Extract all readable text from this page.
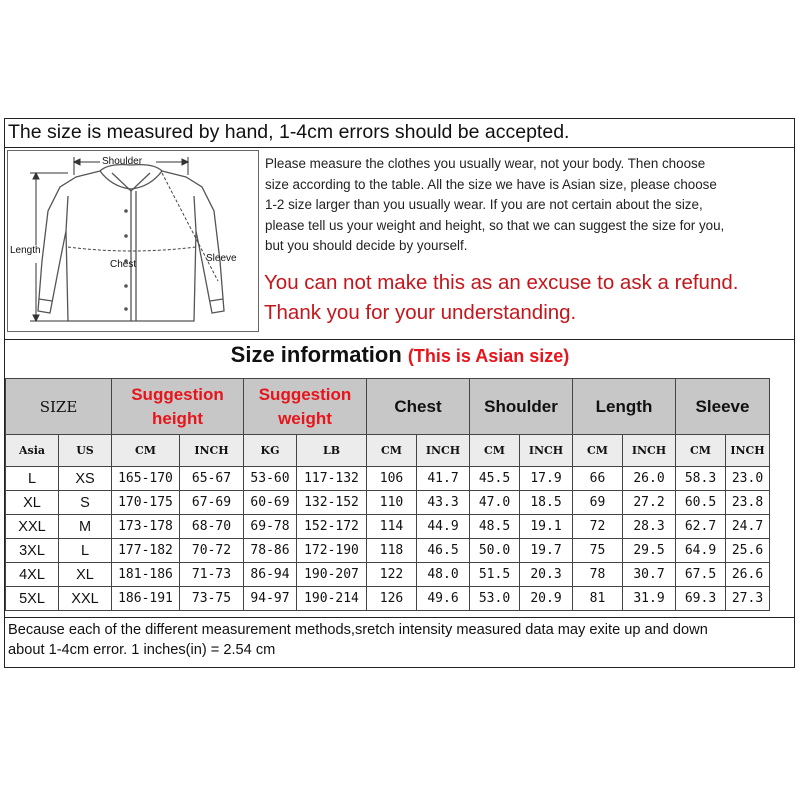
The size is measured by hand, 1-4cm errors should be accepted.
Shoulder
Chest
Length
Sleeve
Please measure the clothes you usually wear, not your body. Then choose
size according to the table. All the size we have is Asian size, please choose
1-2 size larger than you usually wear. If you are not certain about the size,
please tell us your weight and height, so that we can suggest the size for you,
but you should decide by yourself.
You can not make this as an excuse to ask a refund.
Thank you for your understanding.
Size information (This is Asian size)
SIZE		Suggestion height		Suggestion weight		Chest		Shoulder		Length		Sleeve	
Asia	US	CM	INCH	KG	LB	CM	INCH	CM	INCH	CM	INCH	CM	INCH
L	XS	165-170	65-67	53-60	117-132	106	41.7	45.5	17.9	66	26.0	58.3	23.0
XL	S	170-175	67-69	60-69	132-152	110	43.3	47.0	18.5	69	27.2	60.5	23.8
XXL	M	173-178	68-70	69-78	152-172	114	44.9	48.5	19.1	72	28.3	62.7	24.7
3XL	L	177-182	70-72	78-86	172-190	118	46.5	50.0	19.7	75	29.5	64.9	25.6
4XL	XL	181-186	71-73	86-94	190-207	122	48.0	51.5	20.3	78	30.7	67.5	26.6
5XL	XXL	186-191	73-75	94-97	190-214	126	49.6	53.0	20.9	81	31.9	69.3	27.3
Because each of the different measurement methods,sretch intensity measured data may exite up and down
about 1-4cm error. 1 inches(in) = 2.54 cm
